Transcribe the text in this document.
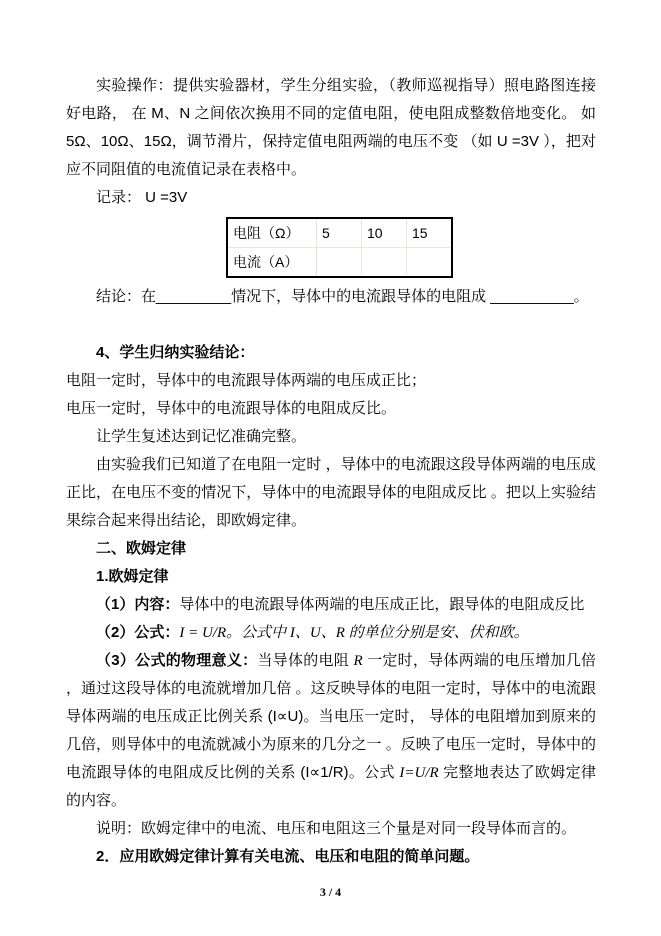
实验操作：提供实验器材，学生分组实验，（教师巡视指导）照电路图连接好电路， 在 M、N 之间依次换用不同的定值电阻，使电阻成整数倍地变化。 如5Ω、10Ω、15Ω，调节滑片，保持定值电阻两端的电压不变 （如 U =3V ），把对应不同阻值的电流值记录在表格中。

记录： U =3V

电阻（Ω）	5	10	15
电流（A）			

结论：在_________情况下，导体中的电流跟导体的电阻成 __________。

4、学生归纳实验结论：

电阻一定时，导体中的电流跟导体两端的电压成正比；

电压一定时，导体中的电流跟导体的电阻成反比。

让学生复述达到记忆准确完整。

由实验我们已知道了在电阻一定时 ，导体中的电流跟这段导体两端的电压成正比，在电压不变的情况下，导体中的电流跟导体的电阻成反比 。把以上实验结果综合起来得出结论，即欧姆定律。

二、欧姆定律

1.欧姆定律

（1）内容：导体中的电流跟导体两端的电压成正比，跟导体的电阻成反比

（2）公式：I = U/R。公式中 I、U、R 的单位分别是安、伏和欧。

（3）公式的物理意义：当导体的电阻 R 一定时，导体两端的电压增加几倍 ，通过这段导体的电流就增加几倍 。这反映导体的电阻一定时，导体中的电流跟导体两端的电压成正比例关系 (I∝U)。当电压一定时， 导体的电阻增加到原来的几倍，则导体中的电流就减小为原来的几分之一 。反映了电压一定时，导体中的电流跟导体的电阻成反比例的关系 (I∝1/R)。公式 I=U/R 完整地表达了欧姆定律的内容。

说明：欧姆定律中的电流、电压和电阻这三个量是对同一段导体而言的。

2．应用欧姆定律计算有关电流、电压和电阻的简单问题。

3 / 4
